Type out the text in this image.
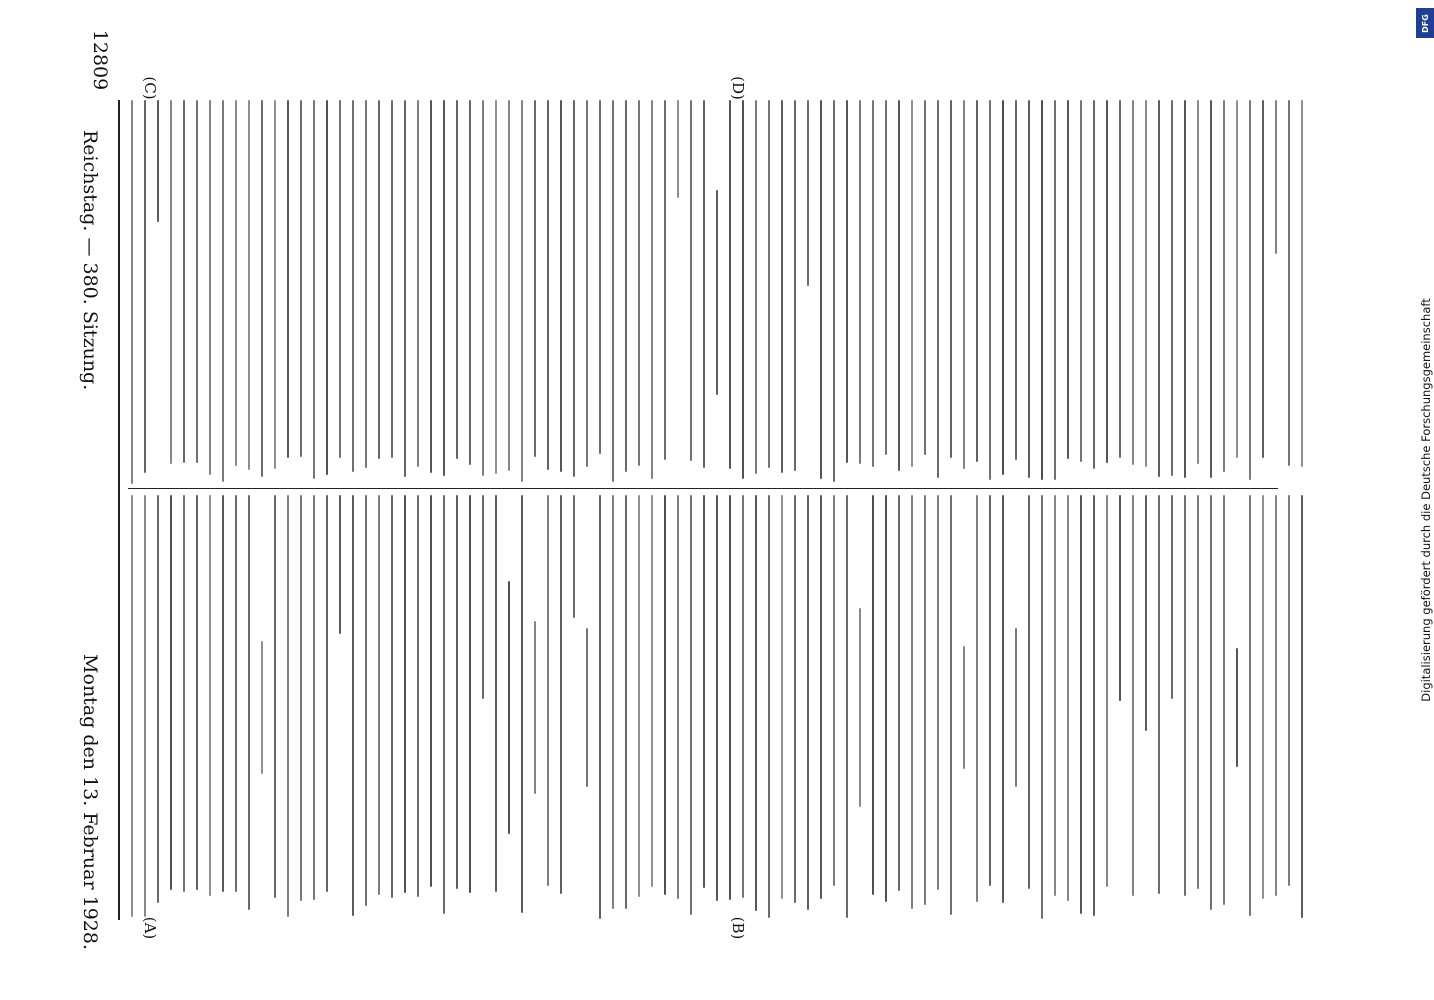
Reichstag. — 380. Sitzung.
Montag den 13. Februar 1928.
12809
(A)	(B)
(C)	(D)
Digitalisierung gefördert durch die Deutsche Forschungsgemeinschaft
DFG
